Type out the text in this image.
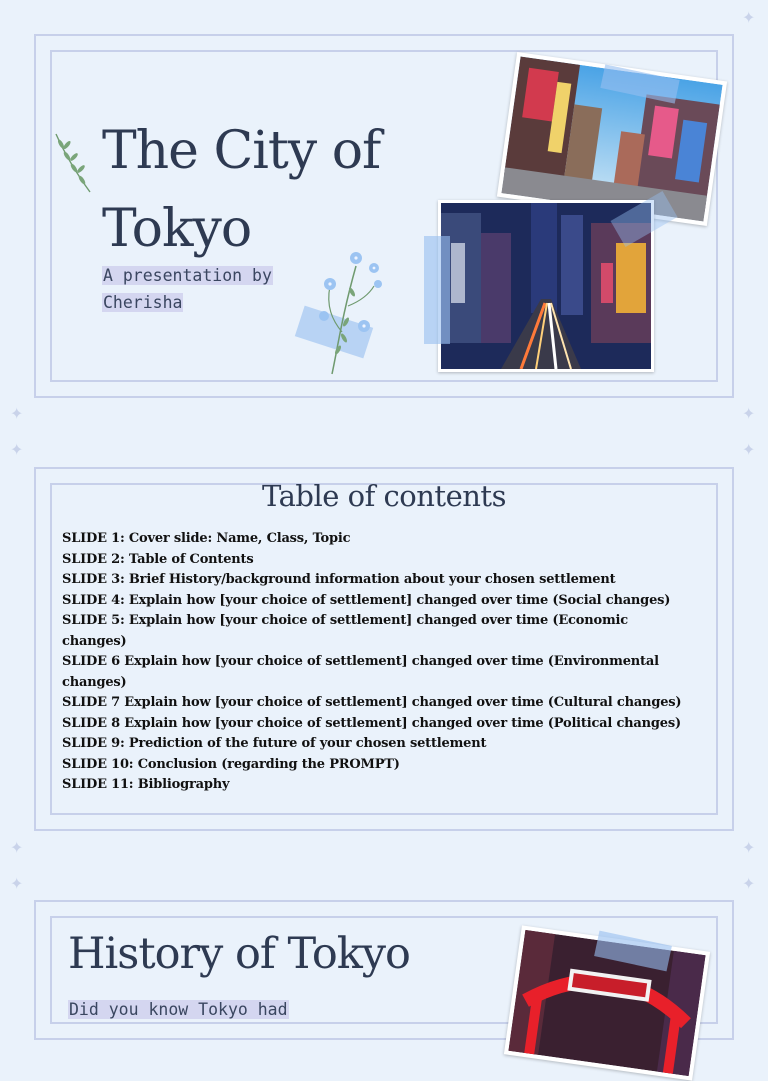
✦
✦	✦
✦	✦
✦	✦
✦	✦
The City of Tokyo
A presentation by
Cherisha
Table of contents
SLIDE 1: Cover slide: Name, Class, Topic
SLIDE 2: Table of Contents
SLIDE 3: Brief History/background information about your chosen settlement
SLIDE 4: Explain how [your choice of settlement] changed over time (Social changes)
SLIDE 5: Explain how [your choice of settlement] changed over time (Economic changes)
SLIDE 6 Explain how [your choice of settlement] changed over time (Environmental changes)
SLIDE 7 Explain how [your choice of settlement] changed over time (Cultural changes)
SLIDE 8 Explain how [your choice of settlement] changed over time (Political changes)
SLIDE 9: Prediction of the future of your chosen settlement
SLIDE 10: Conclusion (regarding the PROMPT)
SLIDE 11: Bibliography
History of Tokyo
Did you know Tokyo had
